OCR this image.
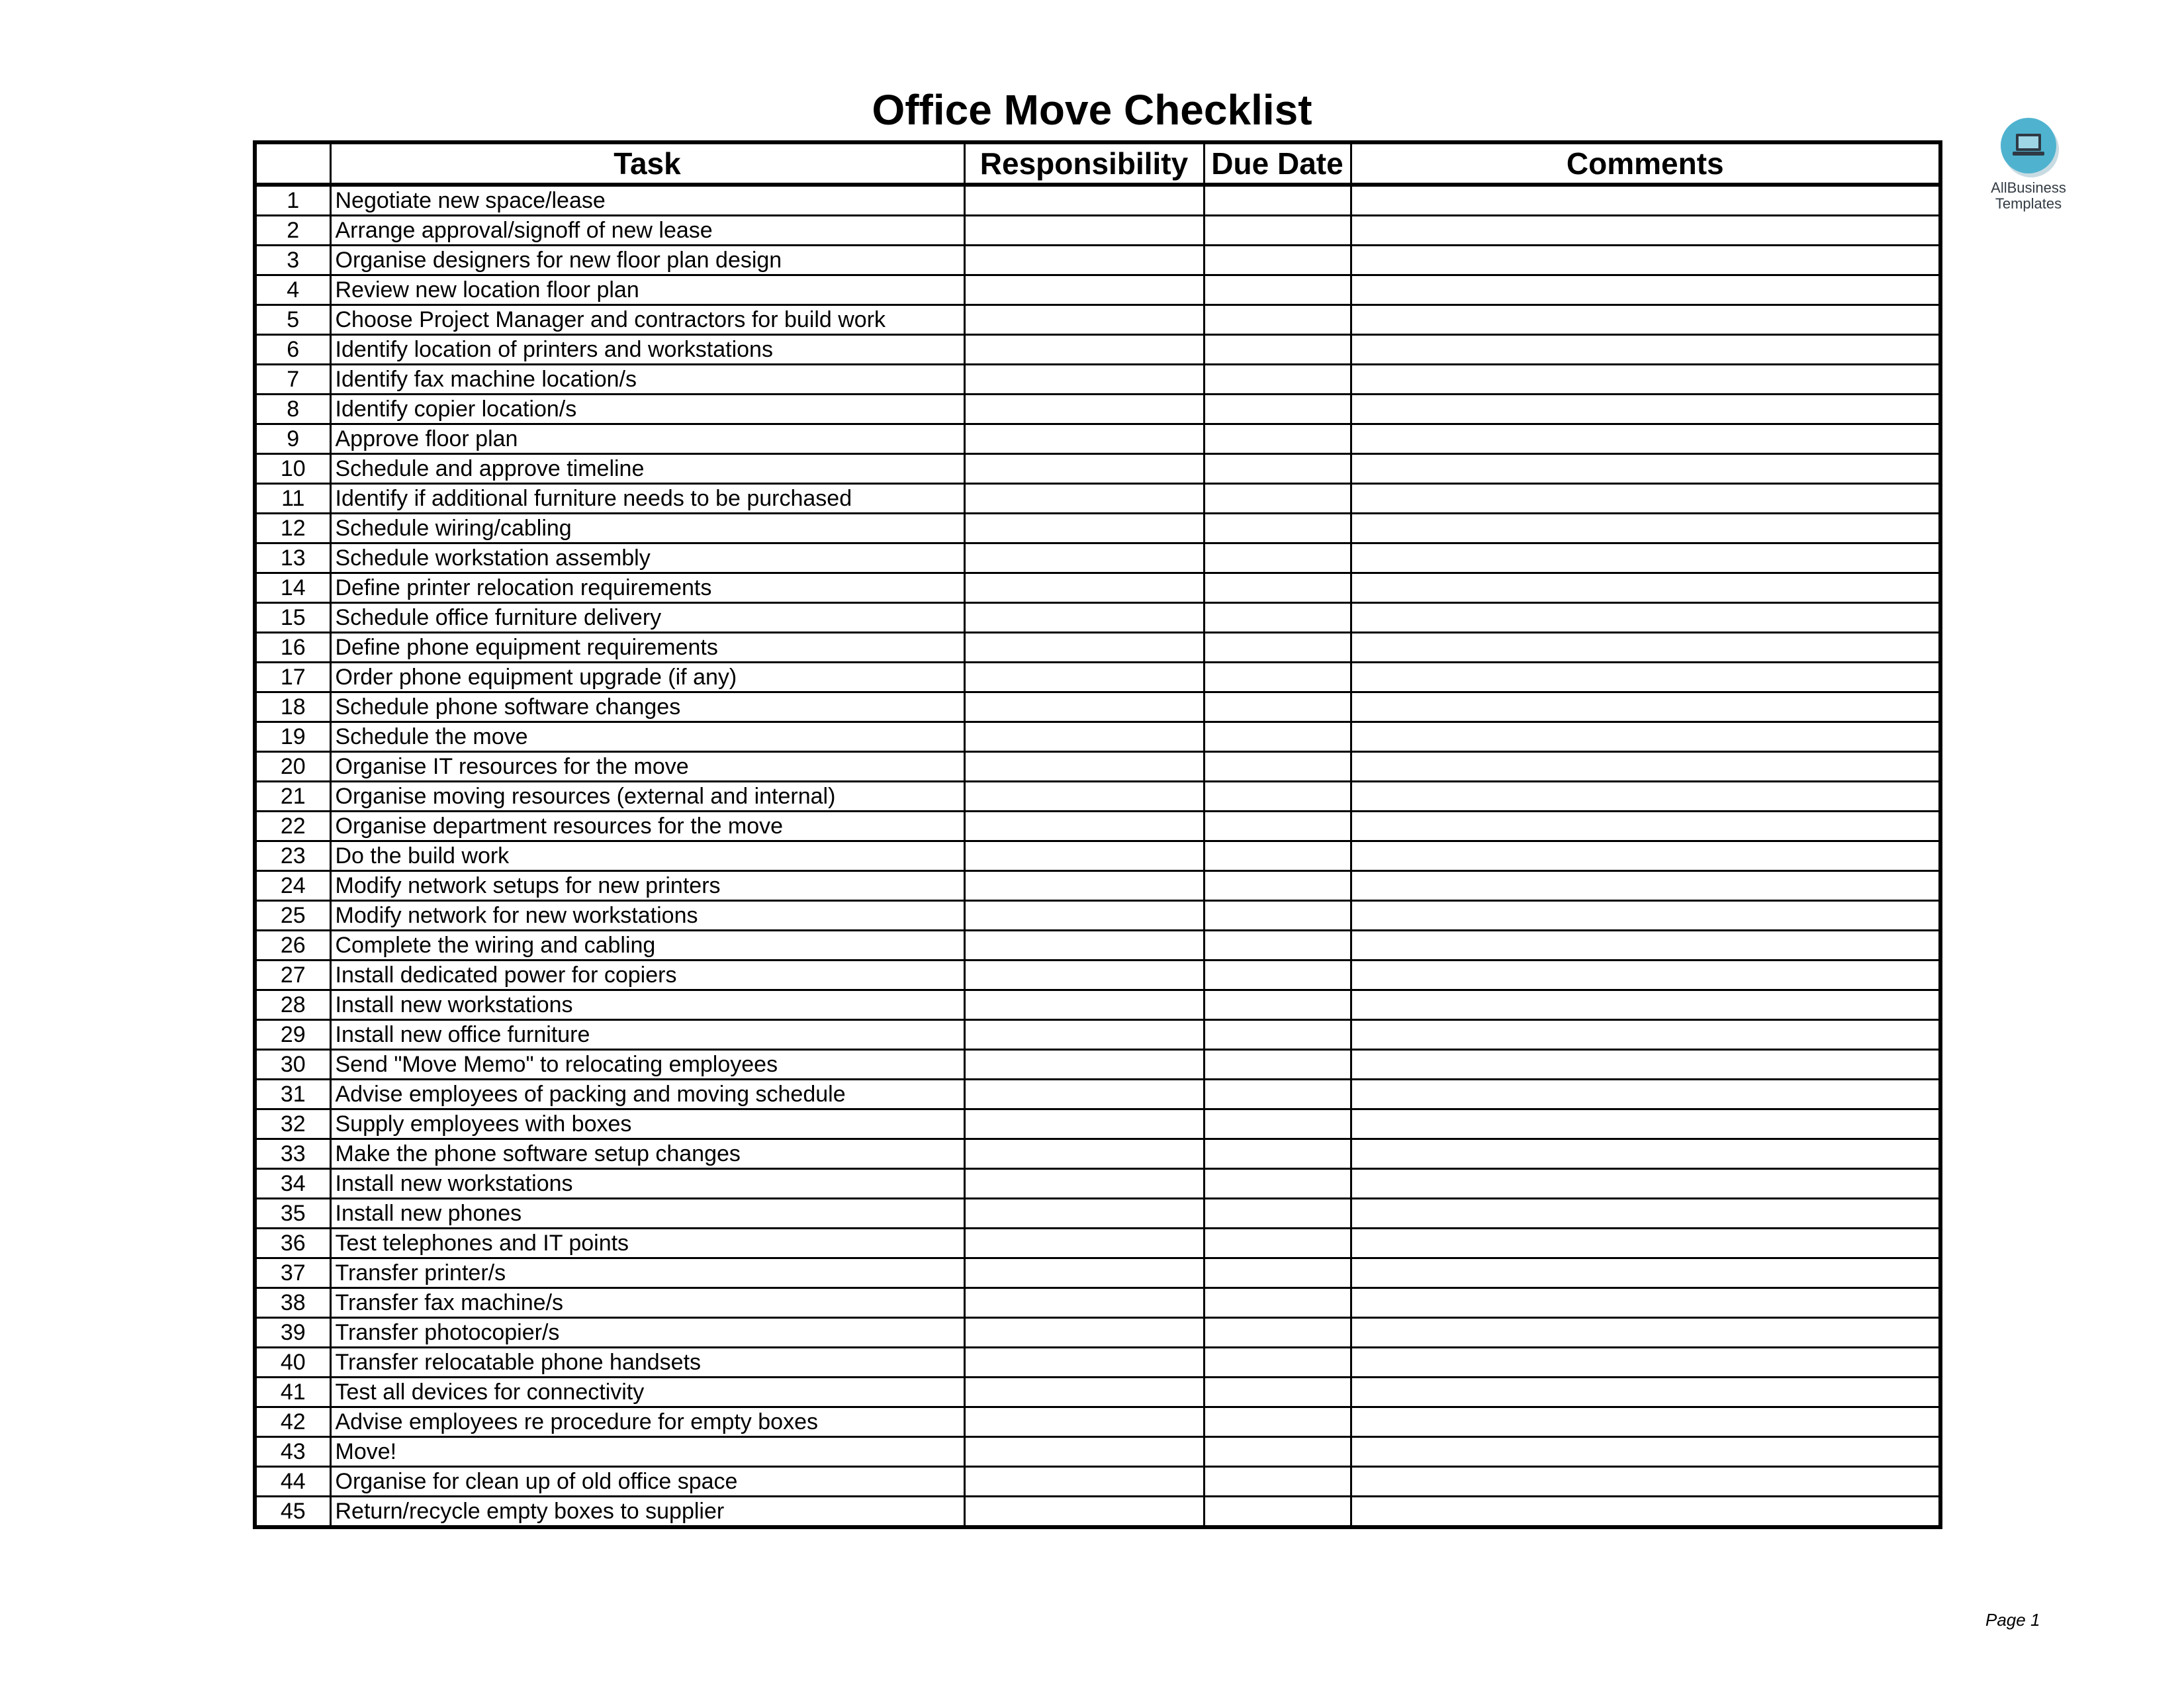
Office Move Checklist
	Task	Responsibility	Due Date	Comments
1	Negotiate new space/lease			
2	Arrange approval/signoff of new lease			
3	Organise designers for new floor plan design			
4	Review new location floor plan			
5	Choose Project Manager and contractors for build work			
6	Identify location of printers and workstations			
7	Identify fax machine location/s			
8	Identify copier location/s			
9	Approve floor plan			
10	Schedule and approve timeline			
11	Identify if additional furniture needs to be purchased			
12	Schedule wiring/cabling			
13	Schedule workstation assembly			
14	Define printer relocation requirements			
15	Schedule office furniture delivery			
16	Define phone equipment requirements			
17	Order phone equipment upgrade (if any)			
18	Schedule phone software changes			
19	Schedule the move			
20	Organise IT resources for the move			
21	Organise moving resources (external and internal)			
22	Organise department resources for the move			
23	Do the build work			
24	Modify network setups for new printers			
25	Modify network for new workstations			
26	Complete the wiring and cabling			
27	Install dedicated power for copiers			
28	Install new workstations			
29	Install new office furniture			
30	Send "Move Memo" to relocating employees			
31	Advise employees of packing and moving schedule			
32	Supply employees with boxes			
33	Make the phone software setup changes			
34	Install new workstations			
35	Install new phones			
36	Test telephones and IT points			
37	Transfer printer/s			
38	Transfer fax machine/s			
39	Transfer photocopier/s			
40	Transfer relocatable phone handsets			
41	Test all devices for connectivity			
42	Advise employees re procedure for empty boxes			
43	Move!			
44	Organise for clean up of old office space			
45	Return/recycle empty boxes to supplier			
AllBusiness
Templates
Page 1
